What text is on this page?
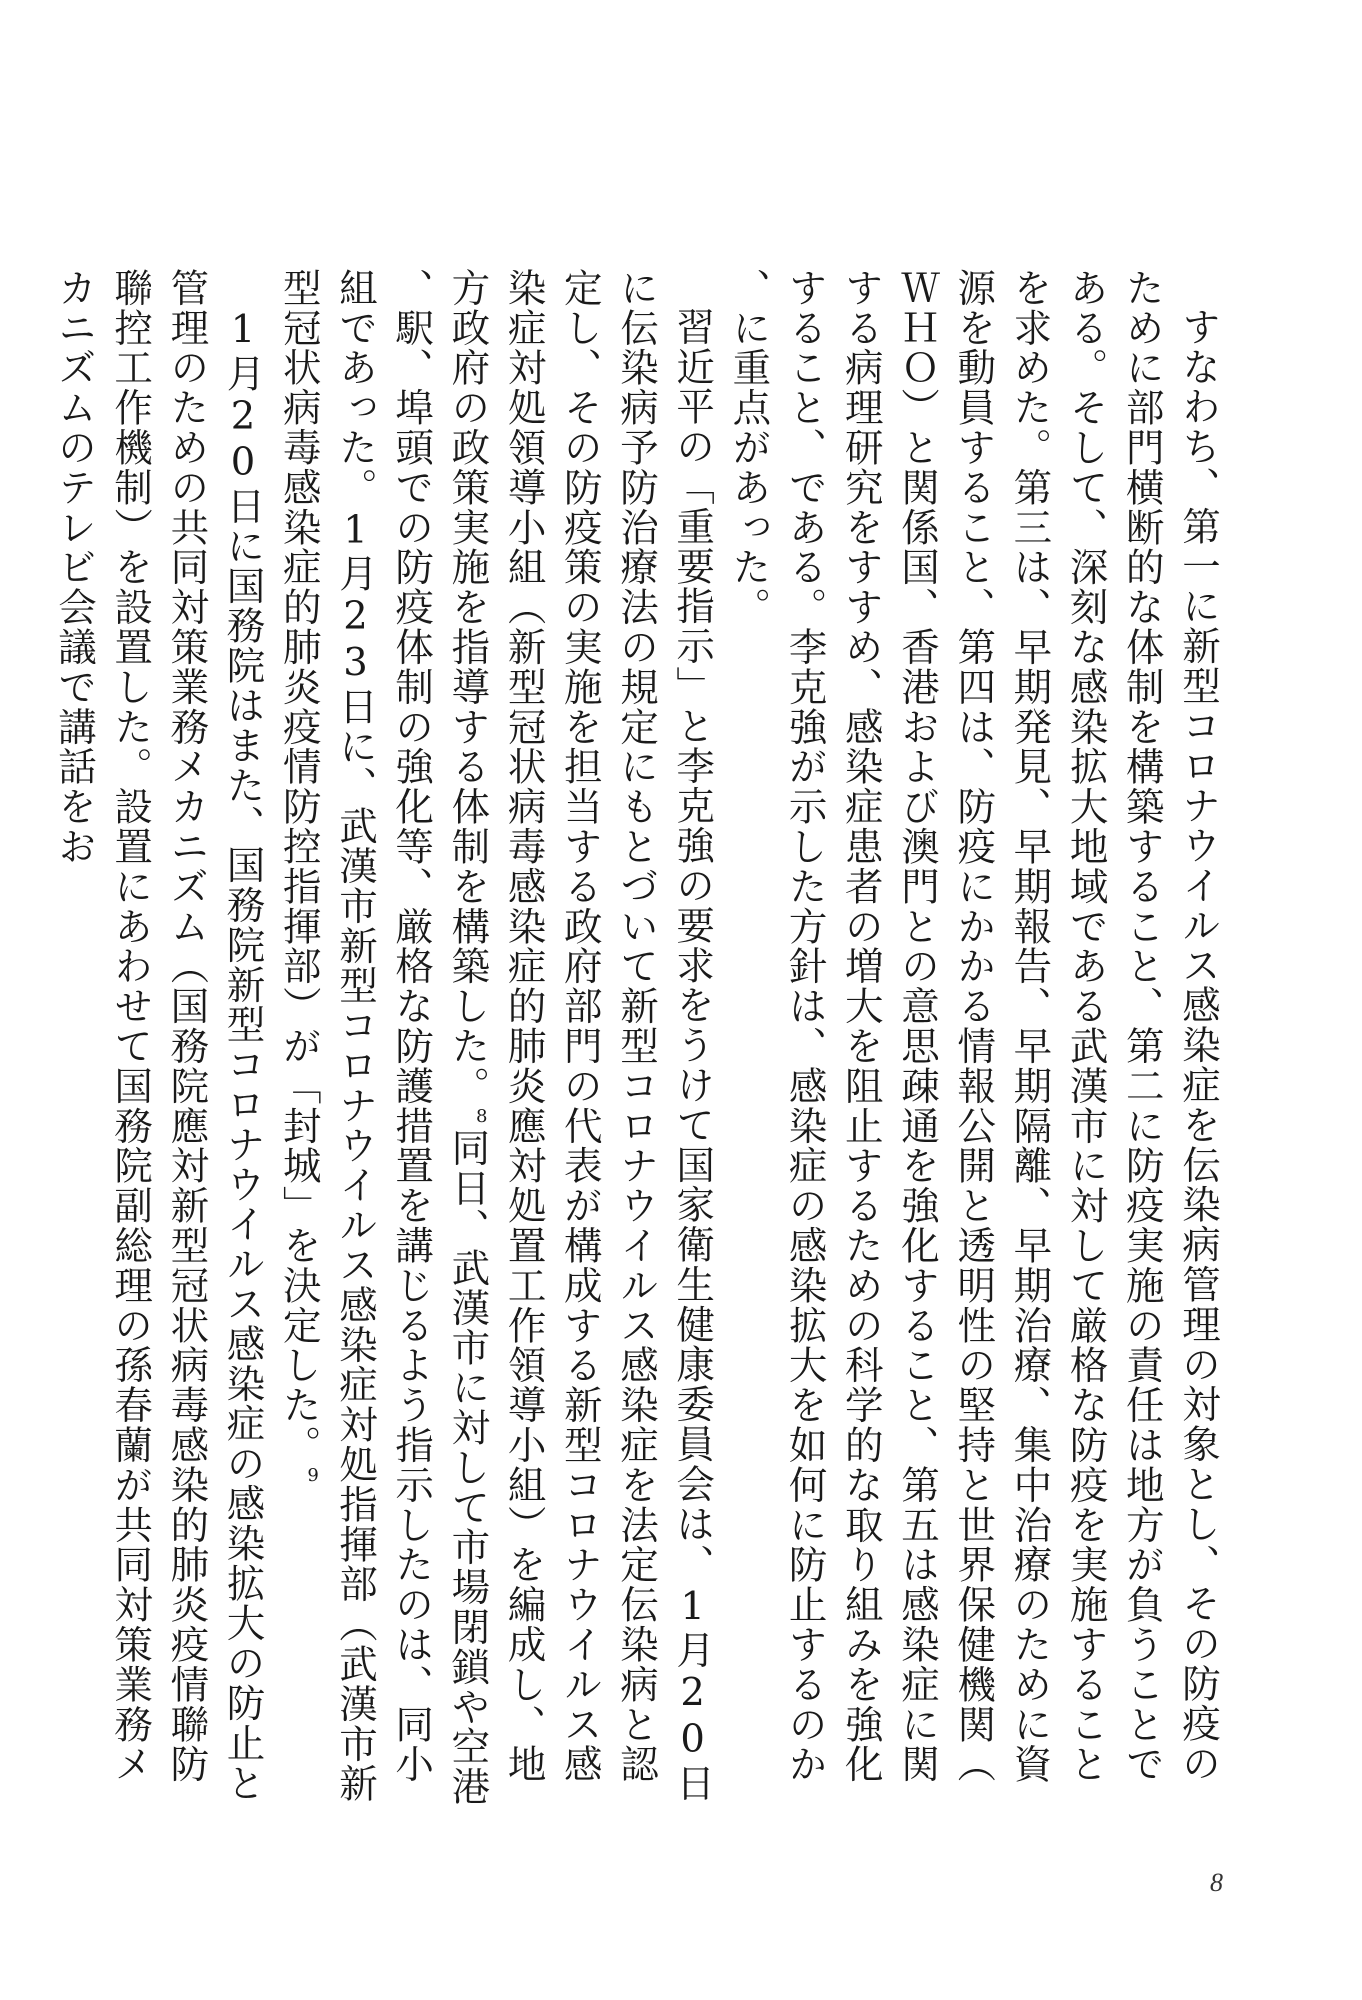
すなわち、第一に新型コロナウイルス感染症を伝染病管理の対象とし、その防疫のために部門横断的な体制を構築すること、第二に防疫実施の責任は地方が負うことである。そして、深刻な感染拡大地域である武漢市に対して厳格な防疫を実施することを求めた。第三は、早期発見、早期報告、早期隔離、早期治療、集中治療のために資源を動員すること、第四は、防疫にかかる情報公開と透明性の堅持と世界保健機関（ＷＨＯ）と関係国、香港および澳門との意思疎通を強化すること、第五は感染症に関する病理研究をすすめ、感染症患者の増大を阻止するための科学的な取り組みを強化すること、である。李克強が示した方針は、感染症の感染拡大を如何に防止するのか、に重点があった。

習近平の「重要指示」と李克強の要求をうけて国家衛生健康委員会は、1月20日に伝染病予防治療法の規定にもとづいて新型コロナウイルス感染症を法定伝染病と認定し、その防疫策の実施を担当する政府部門の代表が構成する新型コロナウイルス感染症対処領導小組（新型冠状病毒感染症的肺炎應対処置工作領導小組）を編成し、地方政府の政策実施を指導する体制を構築した。$^8$同日、武漢市に対して市場閉鎖や空港、駅、埠頭での防疫体制の強化等、厳格な防護措置を講じるよう指示したのは、同小組であった。1月23日に、武漢市新型コロナウイルス感染症対処指揮部（武漢市新型冠状病毒感染症的肺炎疫情防控指揮部）が「封城」を決定した。$^9$

1月20日に国務院はまた、国務院新型コロナウイルス感染症の感染拡大の防止と管理のための共同対策業務メカニズム（国務院應対新型冠状病毒感染的肺炎疫情聯防聯控工作機制）を設置した。設置にあわせて国務院副総理の孫春蘭が共同対策業務メカニズムのテレビ会議で講話をお

8
